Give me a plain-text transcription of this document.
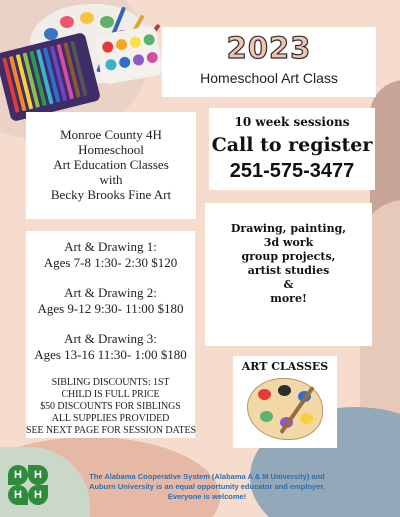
2023
Homeschool Art Class
Monroe County 4H
Homeschool
Art Education Classes
with
Becky Brooks Fine Art
10 week sessions
Call to register
251-575-3477
Art & Drawing 1:
Ages 7-8 1:30- 2:30 $120
Art & Drawing 2:
Ages 9-12 9:30- 11:00 $180
Art & Drawing 3:
Ages 13-16 11:30- 1:00 $180
SIBLING DISCOUNTS: 1ST
CHILD IS FULL PRICE
$50 DISCOUNTS FOR SIBLINGS
ALL SUPPLIES PROVIDED
SEE NEXT PAGE FOR SESSION DATES
Drawing, painting,
3d work
group projects,
artist studies
&
more!
ART CLASSES
H	H
H	H
The Alabama Cooperative System (Alabama A & M University) and
Auburn University is an equal opportunity educator and employer.
Everyone is welcome!
